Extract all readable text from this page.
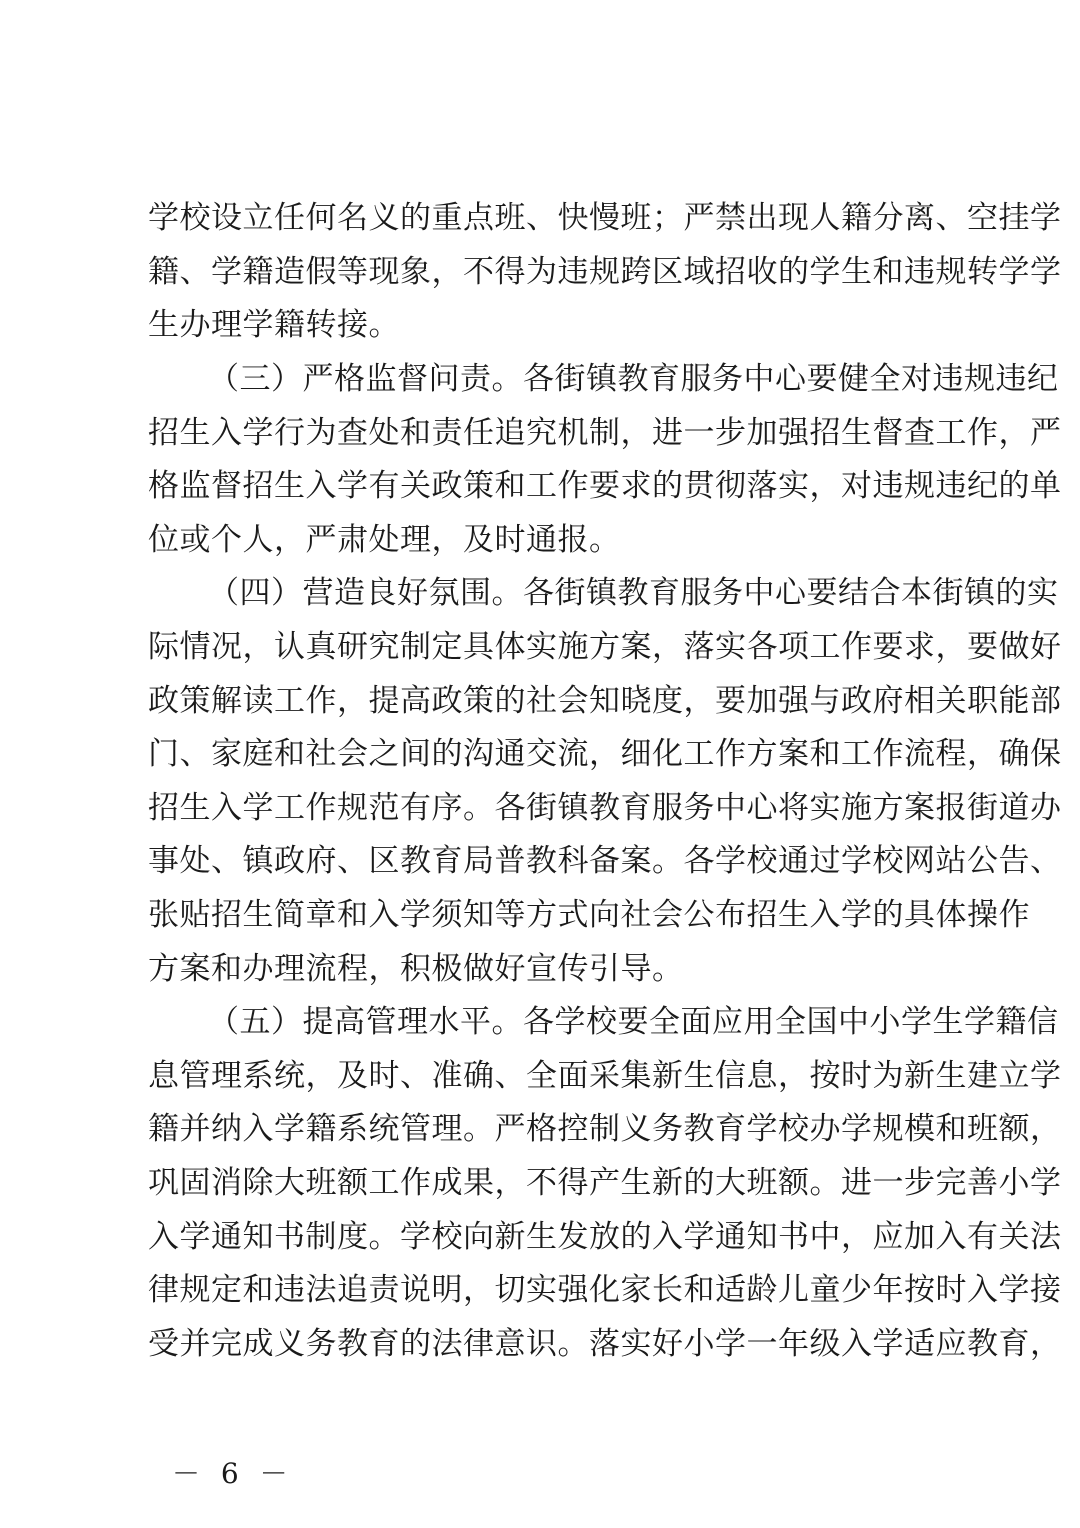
学校设立任何名义的重点班、快慢班；严禁出现人籍分离、空挂学
籍、学籍造假等现象，不得为违规跨区域招收的学生和违规转学学
生办理学籍转接。
（三）严格监督问责。各街镇教育服务中心要健全对违规违纪
招生入学行为查处和责任追究机制，进一步加强招生督查工作，严
格监督招生入学有关政策和工作要求的贯彻落实，对违规违纪的单
位或个人，严肃处理，及时通报。
（四）营造良好氛围。各街镇教育服务中心要结合本街镇的实
际情况，认真研究制定具体实施方案，落实各项工作要求，要做好
政策解读工作，提高政策的社会知晓度，要加强与政府相关职能部
门、家庭和社会之间的沟通交流，细化工作方案和工作流程，确保
招生入学工作规范有序。各街镇教育服务中心将实施方案报街道办
事处、镇政府、区教育局普教科备案。各学校通过学校网站公告、
张贴招生简章和入学须知等方式向社会公布招生入学的具体操作
方案和办理流程，积极做好宣传引导。
（五）提高管理水平。各学校要全面应用全国中小学生学籍信
息管理系统，及时、准确、全面采集新生信息，按时为新生建立学
籍并纳入学籍系统管理。严格控制义务教育学校办学规模和班额，
巩固消除大班额工作成果，不得产生新的大班额。进一步完善小学
入学通知书制度。学校向新生发放的入学通知书中，应加入有关法
律规定和违法追责说明，切实强化家长和适龄儿童少年按时入学接
受并完成义务教育的法律意识。落实好小学一年级入学适应教育，
－ 6 －
